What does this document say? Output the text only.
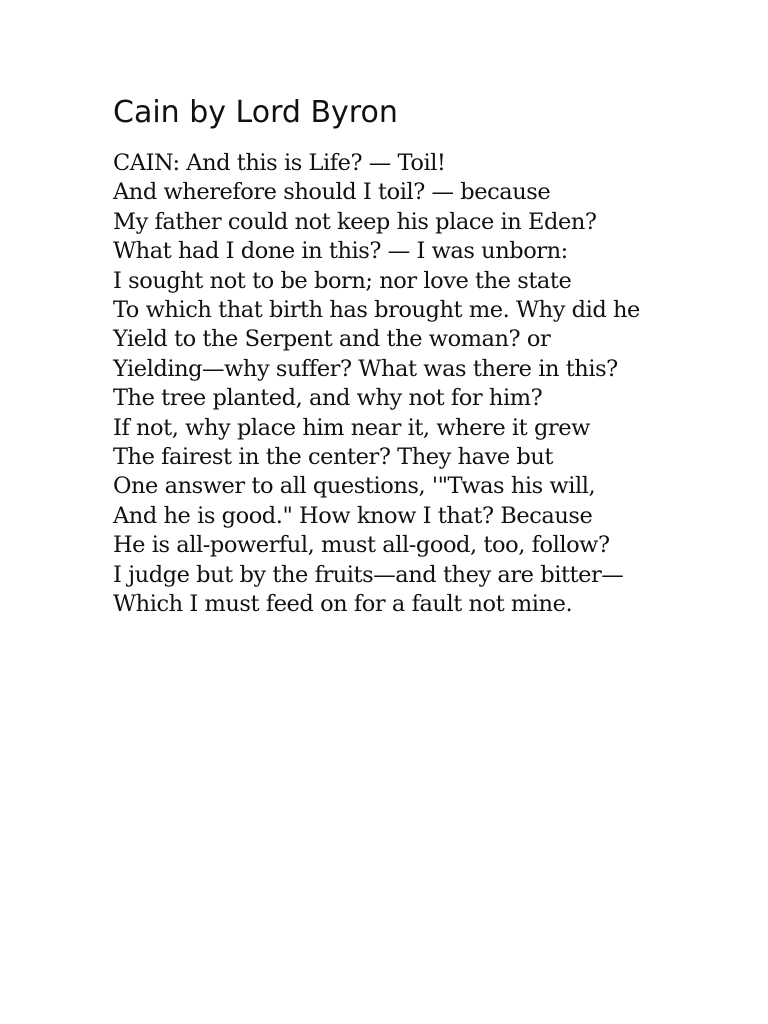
Cain by Lord Byron
CAIN: And this is Life? — Toil!
And wherefore should I toil? — because
My father could not keep his place in Eden?
What had I done in this? — I was unborn:
I sought not to be born; nor love the state
To which that birth has brought me. Why did he
Yield to the Serpent and the woman? or
Yielding—why suffer? What was there in this?
The tree planted, and why not for him?
If not, why place him near it, where it grew
The fairest in the center? They have but
One answer to all questions, '"Twas his will,
And he is good." How know I that? Because
He is all-powerful, must all-good, too, follow?
I judge but by the fruits—and they are bitter—
Which I must feed on for a fault not mine.
